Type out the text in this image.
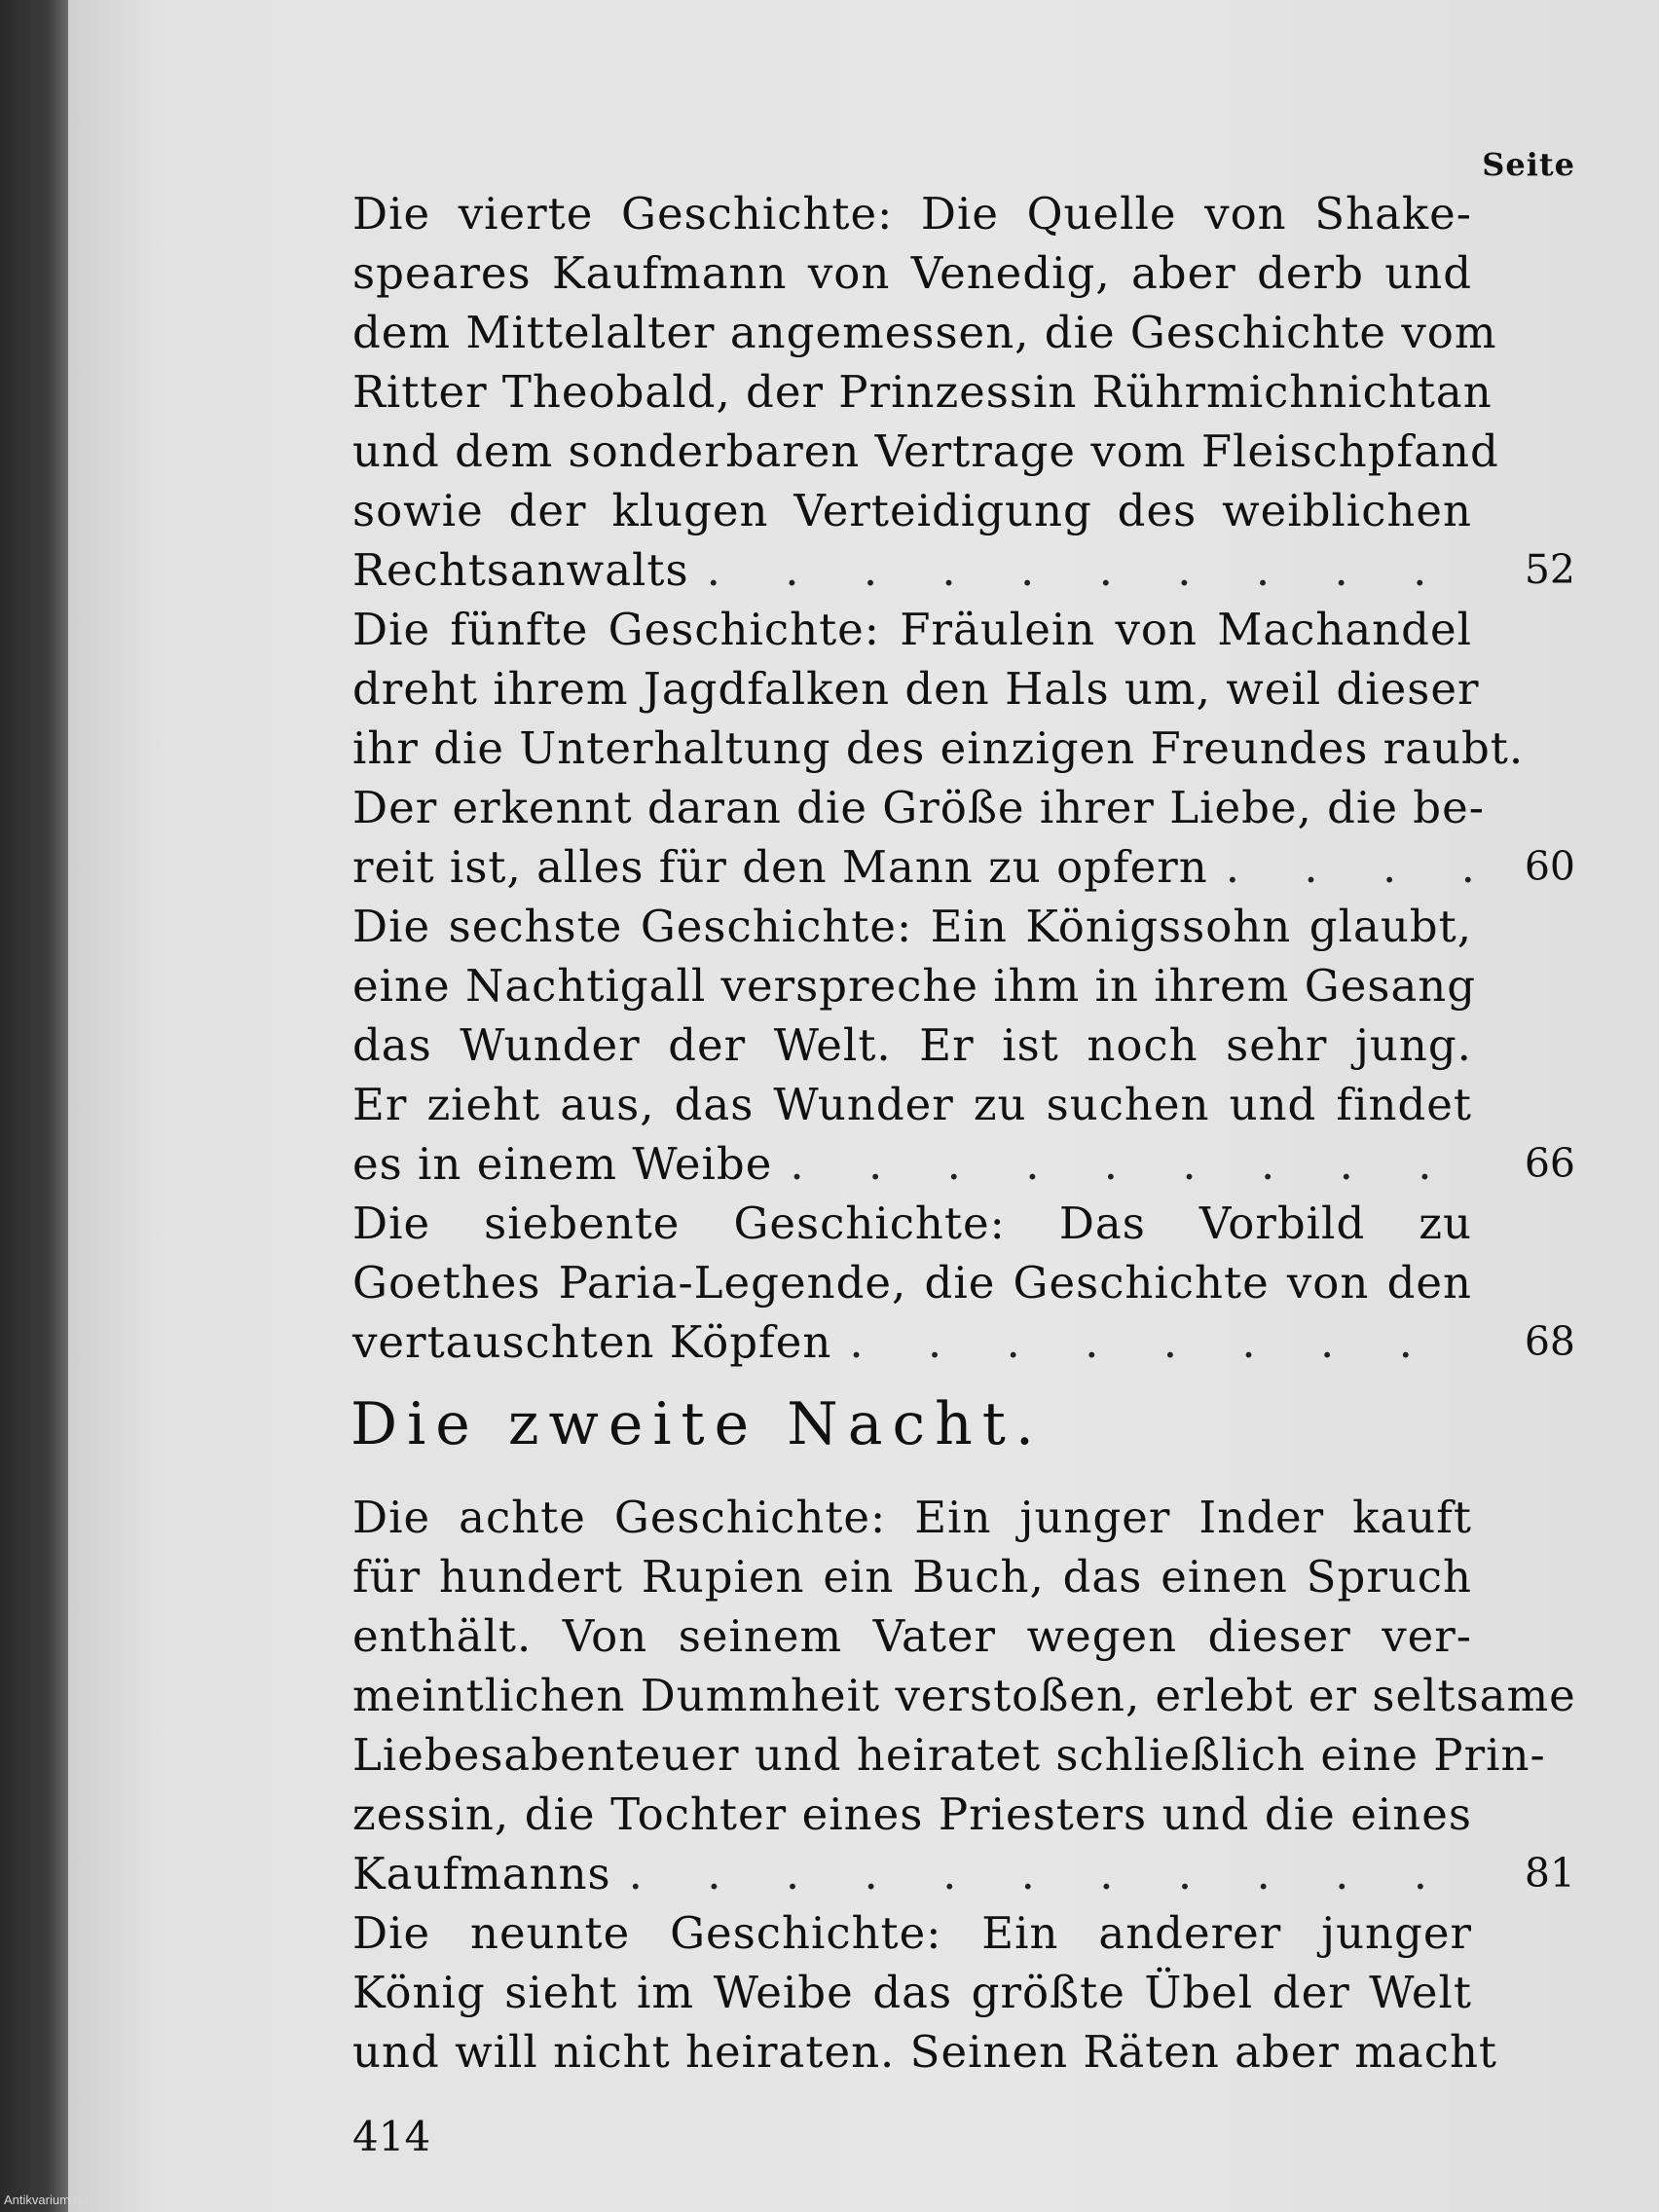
Seite
Die vierte Geschichte: Die Quelle von Shake-
speares Kaufmann von Venedig, aber derb und
dem Mittelalter angemessen, die Geschichte vom
Ritter Theobald, der Prinzessin Rührmichnichtan
und dem sonderbaren Vertrage vom Fleischpfand
sowie der klugen Verteidigung des weiblichen
Rechtsanwalts . . .	52
Die fünfte Geschichte: Fräulein von Machandel
dreht ihrem Jagdfalken den Hals um, weil dieser
ihr die Unterhaltung des einzigen Freundes raubt.
Der erkennt daran die Größe ihrer Liebe, die be-
reit ist, alles für den Mann zu opfern . . .	60
Die sechste Geschichte: Ein Königssohn glaubt,
eine Nachtigall verspreche ihm in ihrem Gesang
das Wunder der Welt. Er ist noch sehr jung.
Er zieht aus, das Wunder zu suchen und findet
es in einem Weibe . . .	66
Die siebente Geschichte: Das Vorbild zu
Goethes Paria-Legende, die Geschichte von den
vertauschten Köpfen . . .	68
Die zweite Nacht.
Die achte Geschichte: Ein junger Inder kauft
für hundert Rupien ein Buch, das einen Spruch
enthält. Von seinem Vater wegen dieser ver-
meintlichen Dummheit verstoßen, erlebt er seltsame
Liebesabenteuer und heiratet schließlich eine Prin-
zessin, die Tochter eines Priesters und die eines
Kaufmanns . . .	81
Die neunte Geschichte: Ein anderer junger
König sieht im Weibe das größte Übel der Welt
und will nicht heiraten. Seinen Räten aber macht
414
Antikvarium.hu
